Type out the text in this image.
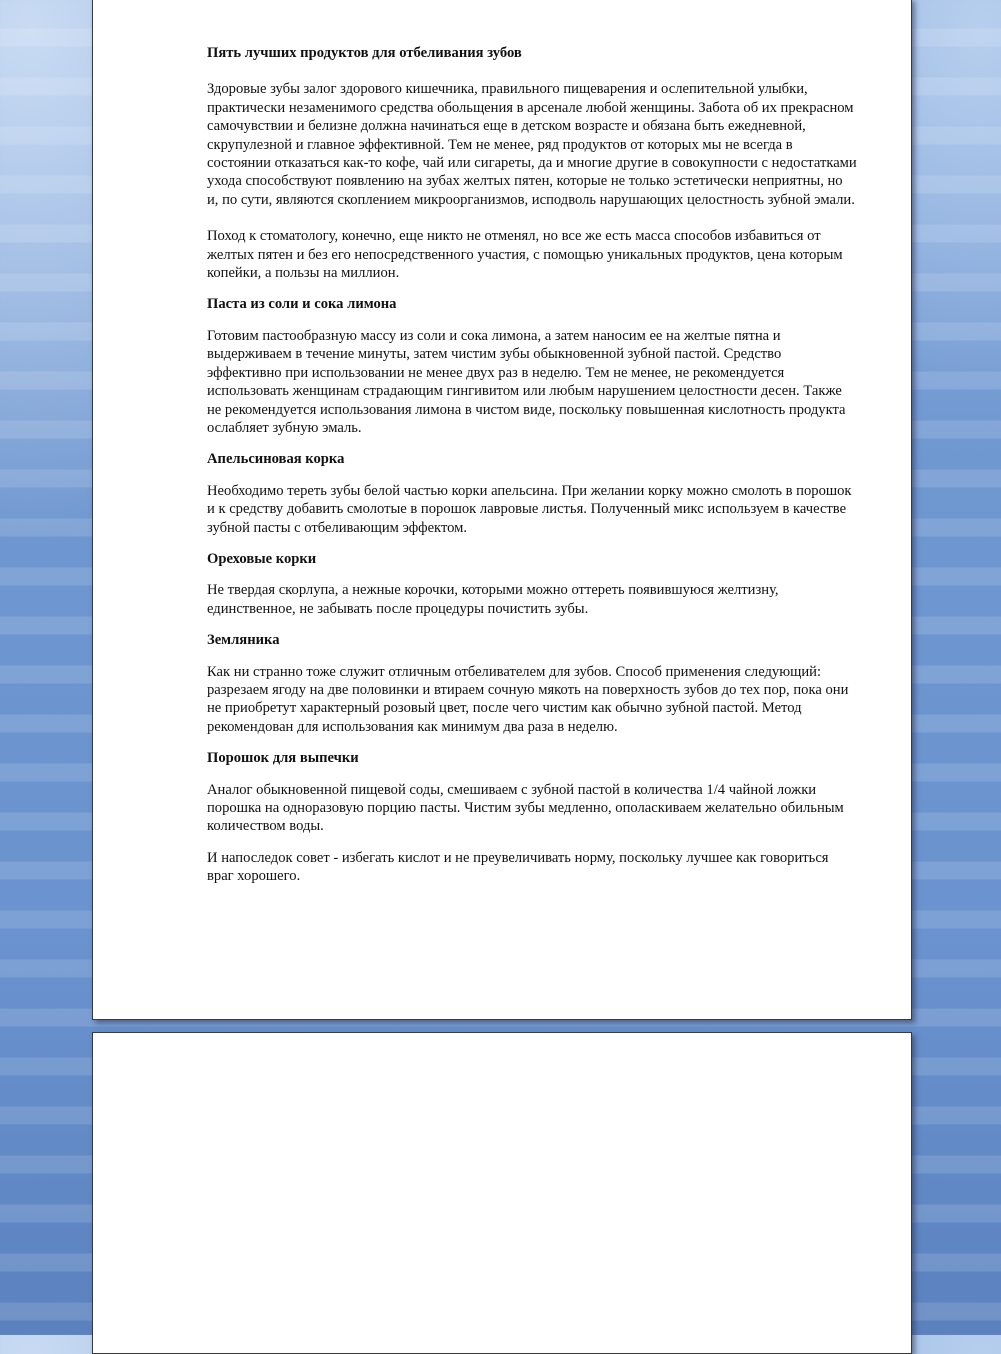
Пять лучших продуктов для отбеливания зубов

Здоровые зубы залог здорового кишечника, правильного пищеварения и ослепительной улыбки, практически незаменимого средства обольщения в арсенале любой женщины. Забота об их прекрасном самочувствии и белизне должна начинаться еще в детском возрасте и обязана быть ежедневной, скрупулезной и главное эффективной. Тем не менее, ряд продуктов от которых мы не всегда в состоянии отказаться как-то кофе, чай или сигареты, да и многие другие в совокупности с недостатками ухода способствуют появлению на зубах желтых пятен, которые не только эстетически неприятны, но и, по сути, являются скоплением микроорганизмов, исподволь нарушающих целостность зубной эмали.

Поход к стоматологу, конечно, еще никто не отменял, но все же есть масса способов избавиться от желтых пятен и без его непосредственного участия, с помощью уникальных продуктов, цена которым копейки, а пользы на миллион.

Паста из соли и сока лимона

Готовим пастообразную массу из соли и сока лимона, а затем наносим ее на желтые пятна и выдерживаем в течение минуты, затем чистим зубы обыкновенной зубной пастой. Средство эффективно при использовании не менее двух раз в неделю. Тем не менее, не рекомендуется использовать женщинам страдающим гингивитом или любым нарушением целостности десен. Также не рекомендуется использования лимона в чистом виде, поскольку повышенная кислотность продукта ослабляет зубную эмаль.

Апельсиновая корка

Необходимо тереть зубы белой частью корки апельсина. При желании корку можно смолоть в порошок и к средству добавить смолотые в порошок лавровые листья. Полученный микс используем в качестве зубной пасты с отбеливающим эффектом.

Ореховые корки

Не твердая скорлупа, а нежные корочки, которыми можно оттереть появившуюся желтизну, единственное, не забывать после процедуры почистить зубы.

Земляника

Как ни странно тоже служит отличным отбеливателем для зубов. Способ применения следующий: разрезаем ягоду на две половинки и втираем сочную мякоть на поверхность зубов до тех пор, пока они не приобретут характерный розовый цвет, после чего чистим как обычно зубной пастой. Метод рекомендован для использования как минимум два раза в неделю.

Порошок для выпечки

Аналог обыкновенной пищевой соды, смешиваем с зубной пастой в количества 1/4 чайной ложки порошка на одноразовую порцию пасты. Чистим зубы медленно, ополаскиваем желательно обильным количеством воды.

И напоследок совет - избегать кислот и не преувеличивать норму, поскольку лучшее как говориться враг хорошего.
